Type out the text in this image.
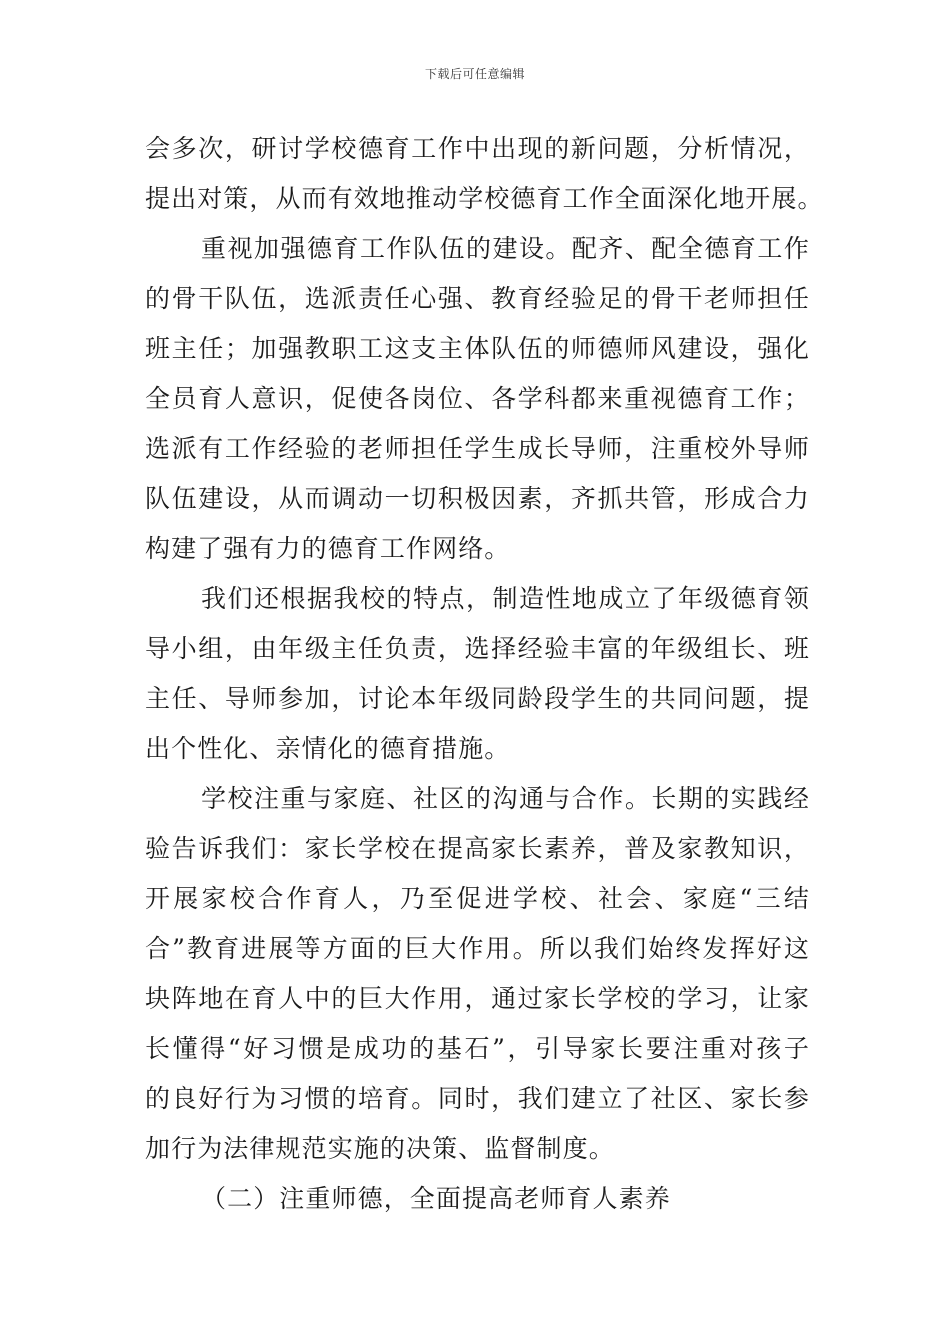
下载后可任意编辑
会多次，研讨学校德育工作中出现的新问题，分析情况，
提出对策，从而有效地推动学校德育工作全面深化地开展。
重视加强德育工作队伍的建设。配齐、配全德育工作
的骨干队伍，选派责任心强、教育经验足的骨干老师担任
班主任；加强教职工这支主体队伍的师德师风建设，强化
全员育人意识，促使各岗位、各学科都来重视德育工作；
选派有工作经验的老师担任学生成长导师，注重校外导师
队伍建设，从而调动一切积极因素，齐抓共管，形成合力
构建了强有力的德育工作网络。
我们还根据我校的特点，制造性地成立了年级德育领
导小组，由年级主任负责，选择经验丰富的年级组长、班
主任、导师参加，讨论本年级同龄段学生的共同问题，提
出个性化、亲情化的德育措施。
学校注重与家庭、社区的沟通与合作。长期的实践经
验告诉我们：家长学校在提高家长素养，普及家教知识，
开展家校合作育人，乃至促进学校、社会、家庭“三结
合”教育进展等方面的巨大作用。所以我们始终发挥好这
块阵地在育人中的巨大作用，通过家长学校的学习，让家
长懂得“好习惯是成功的基石”，引导家长要注重对孩子
的良好行为习惯的培育。同时，我们建立了社区、家长参
加行为法律规范实施的决策、监督制度。
（二）注重师德，全面提高老师育人素养
